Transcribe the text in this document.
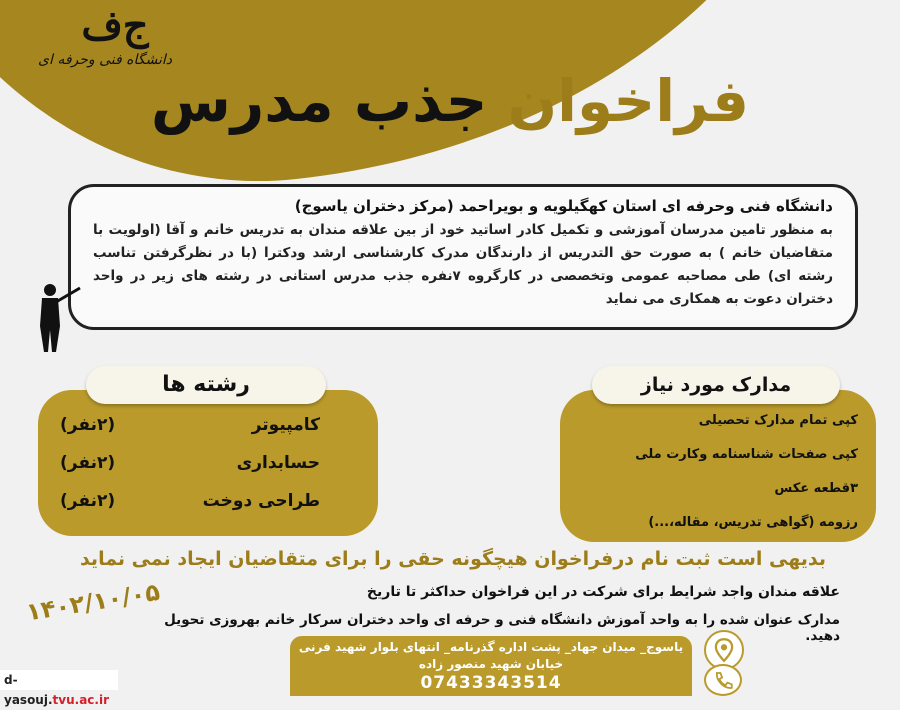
ﺝﻑ
دانشگاه فنی وحرفه ای
فراخوان جذب مدرس
دانشگاه فنی وحرفه ای استان کهگیلویه و بویراحمد (مرکز دختران یاسوج)
به منظور تامین مدرسان آموزشی و تکمیل کادر اساتید خود از بین علاقه مندان به تدریس خانم و آقا (اولویت با متقاضیان خانم ) به صورت حق التدریس از دارندگان مدرک کارشناسی ارشد ودکترا (با در نظرگرفتن تناسب رشته ای) طی مصاحبه عمومی وتخصصی در کارگروه ۷نفره جذب مدرس استانی در رشته های زیر در واحد دختران دعوت به همکاری می نماید
رشته ها
کامپیوتر
(۲نفر)
حسابداری
(۲نفر)
طراحی دوخت
(۲نفر)
مدارک مورد نیاز
کپی تمام مدارک تحصیلی
کپی صفحات شناسنامه وکارت ملی
۳قطعه عکس
رزومه (گواهی تدریس، مقاله،...)
بدیهی است ثبت نام درفراخوان هیچگونه حقی را برای متقاضیان ایجاد نمی نماید
علاقه مندان واجد شرایط برای شرکت در این فراخوان حداکثر تا تاریخ
۱۴۰۲/۱۰/۰۵ مدارک عنوان شده را به واحد آموزش دانشگاه فنی و حرفه ای واحد دختران سرکار خانم بهروزی تحویل دهید.
یاسوج_ میدان جهاد_ پشت اداره گذرنامه_ انتهای بلوار شهید فرنی
خیابان شهید منصور زاده
07433343514
d-yasouj.tvu.ac.ir
